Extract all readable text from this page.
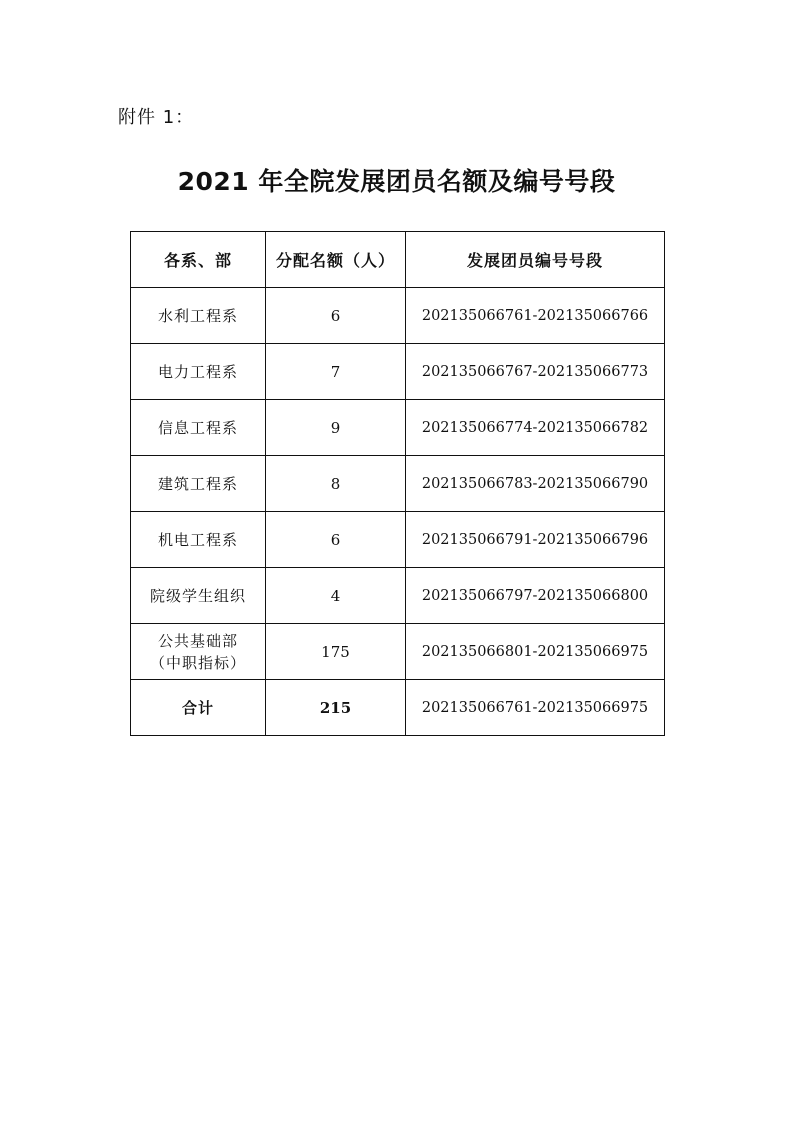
附件 1：
2021 年全院发展团员名额及编号号段
各系、部	分配名额（人）	发展团员编号号段
水利工程系	6	202135066761-202135066766
电力工程系	7	202135066767-202135066773
信息工程系	9	202135066774-202135066782
建筑工程系	8	202135066783-202135066790
机电工程系	6	202135066791-202135066796
院级学生组织	4	202135066797-202135066800

公共基础部
（中职指标）	175	202135066801-202135066975
合计	215	202135066761-202135066975
